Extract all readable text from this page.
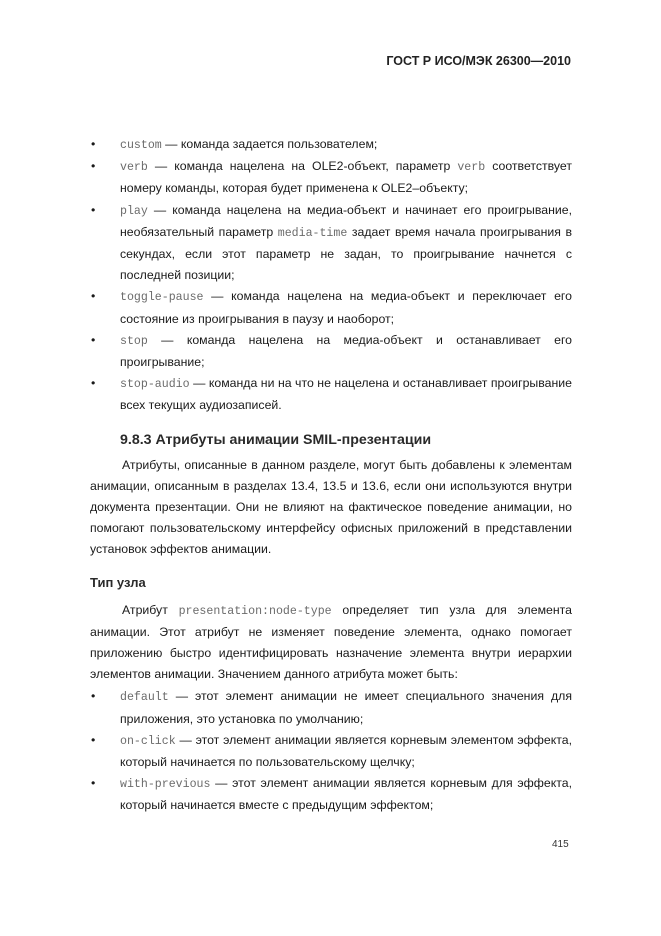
ГОСТ Р ИСО/МЭК 26300—2010
•	custom — команда задается пользователем;
•	verb — команда нацелена на OLE2-объект, параметр verb соответствует номеру команды, которая будет применена к OLE2–объекту;
•	play — команда нацелена на медиа-объект и начинает его проигрывание, необязательный параметр media-time задает время начала проигрывания в секундах, если этот параметр не задан, то проигрывание начнется с последней позиции;
•	toggle-pause — команда нацелена на медиа-объект и переключает его состояние из проигрывания в паузу и наоборот;
•	stop — команда нацелена на медиа-объект и останавливает его проигрывание;
•	stop-audio — команда ни на что не нацелена и останавливает проигрывание всех текущих аудиозаписей.
9.8.3 Атрибуты анимации SMIL-презентации

Атрибуты, описанные в данном разделе, могут быть добавлены к элементам анимации, описанным в разделах 13.4, 13.5 и 13.6, если они используются внутри документа презентации. Они не влияют на фактическое поведение анимации, но помогают пользовательскому интерфейсу офисных приложений в представлении установок эффектов анимации.

Тип узла

Атрибут presentation:node-type определяет тип узла для элемента анимации. Этот атрибут не изменяет поведение элемента, однако помогает приложению быстро идентифицировать назначение элемента внутри иерархии элементов анимации. Значением данного атрибута может быть:

•	default — этот элемент анимации не имеет специального значения для приложения, это установка по умолчанию;
•	on-click — этот элемент анимации является корневым элементом эффекта, который начинается по пользовательскому щелчку;
•	with-previous — этот элемент анимации является корневым для эффекта, который начинается вместе с предыдущим эффектом;
415
